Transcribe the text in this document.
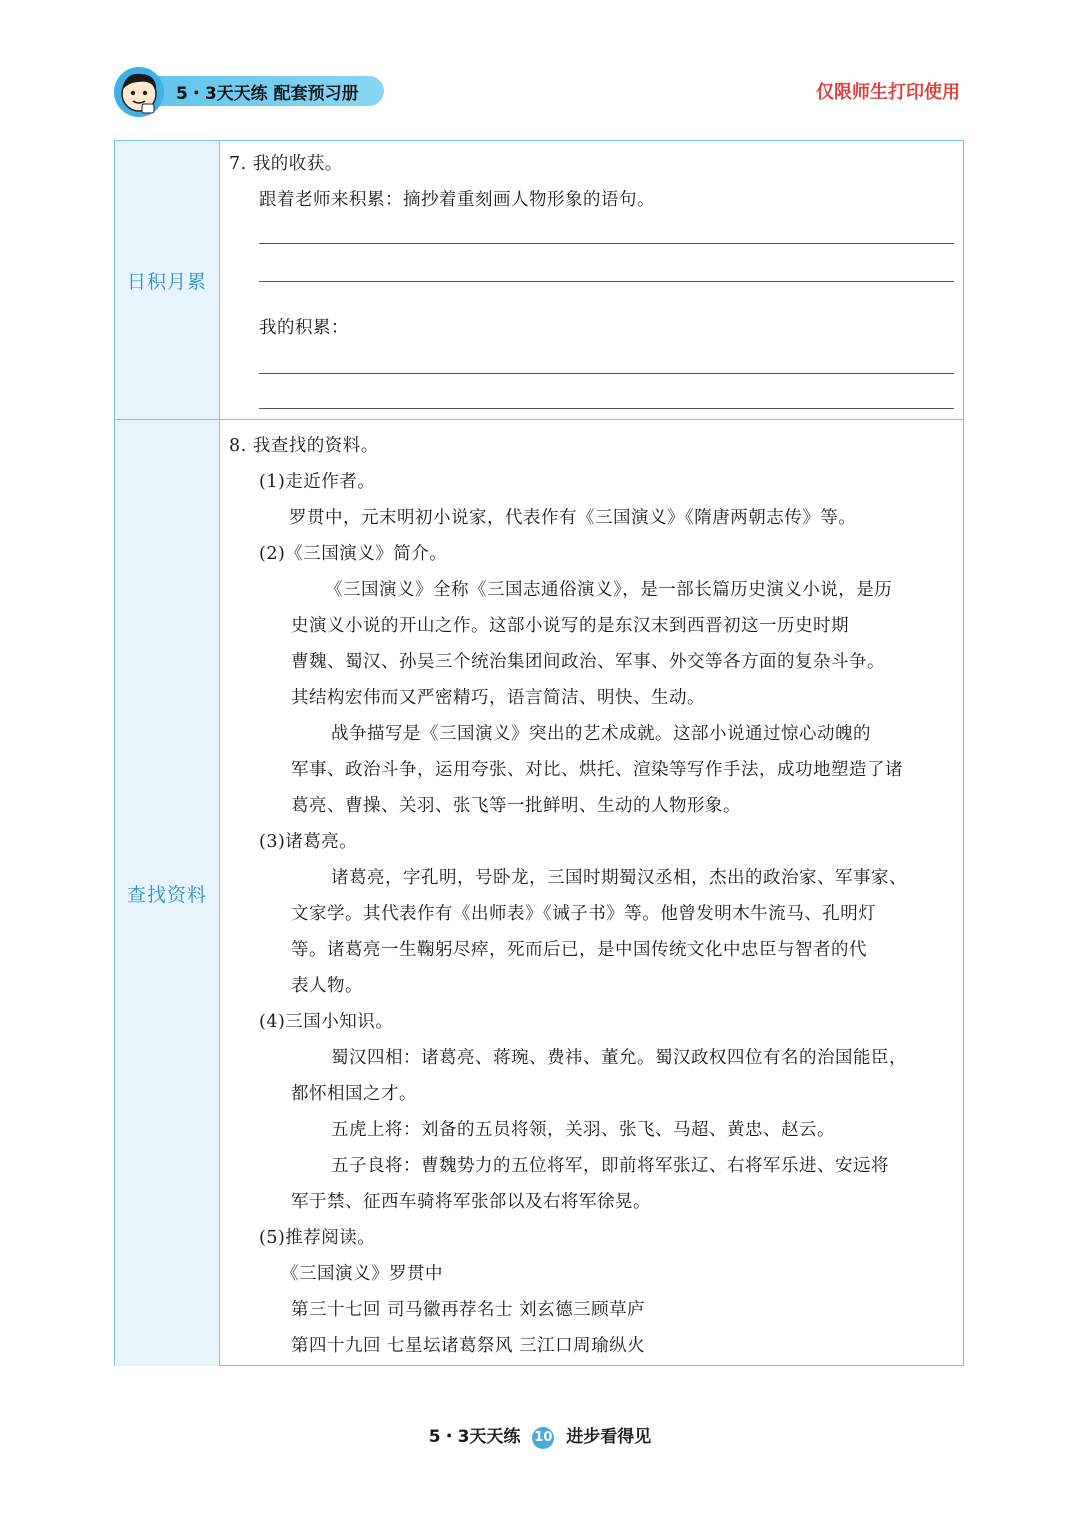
5・3天天练 配套预习册	仅限师生打印使用
日积月累
7. 我的收获。
跟着老师来积累：摘抄着重刻画人物形象的语句。
我的积累：
查找资料
8. 我查找的资料。
(1)走近作者。
罗贯中，元末明初小说家，代表作有《三国演义》《隋唐两朝志传》等。
(2)《三国演义》简介。
《三国演义》全称《三国志通俗演义》，是一部长篇历史演义小说，是历
史演义小说的开山之作。这部小说写的是东汉末到西晋初这一历史时期
曹魏、蜀汉、孙吴三个统治集团间政治、军事、外交等各方面的复杂斗争。
其结构宏伟而又严密精巧，语言简洁、明快、生动。
战争描写是《三国演义》突出的艺术成就。这部小说通过惊心动魄的
军事、政治斗争，运用夸张、对比、烘托、渲染等写作手法，成功地塑造了诸
葛亮、曹操、关羽、张飞等一批鲜明、生动的人物形象。
(3)诸葛亮。
诸葛亮，字孔明，号卧龙，三国时期蜀汉丞相，杰出的政治家、军事家、
文家学。其代表作有《出师表》《诫子书》等。他曾发明木牛流马、孔明灯
等。诸葛亮一生鞠躬尽瘁，死而后已，是中国传统文化中忠臣与智者的代
表人物。
(4)三国小知识。
蜀汉四相：诸葛亮、蒋琬、费祎、董允。蜀汉政权四位有名的治国能臣，
都怀相国之才。
五虎上将：刘备的五员将领，关羽、张飞、马超、黄忠、赵云。
五子良将：曹魏势力的五位将军，即前将军张辽、右将军乐进、安远将
军于禁、征西车骑将军张郃以及右将军徐晃。
(5)推荐阅读。
《三国演义》罗贯中
第三十七回 司马徽再荐名士 刘玄德三顾草庐
第四十九回 七星坛诸葛祭风 三江口周瑜纵火
5・3天天练 10 进步看得见
